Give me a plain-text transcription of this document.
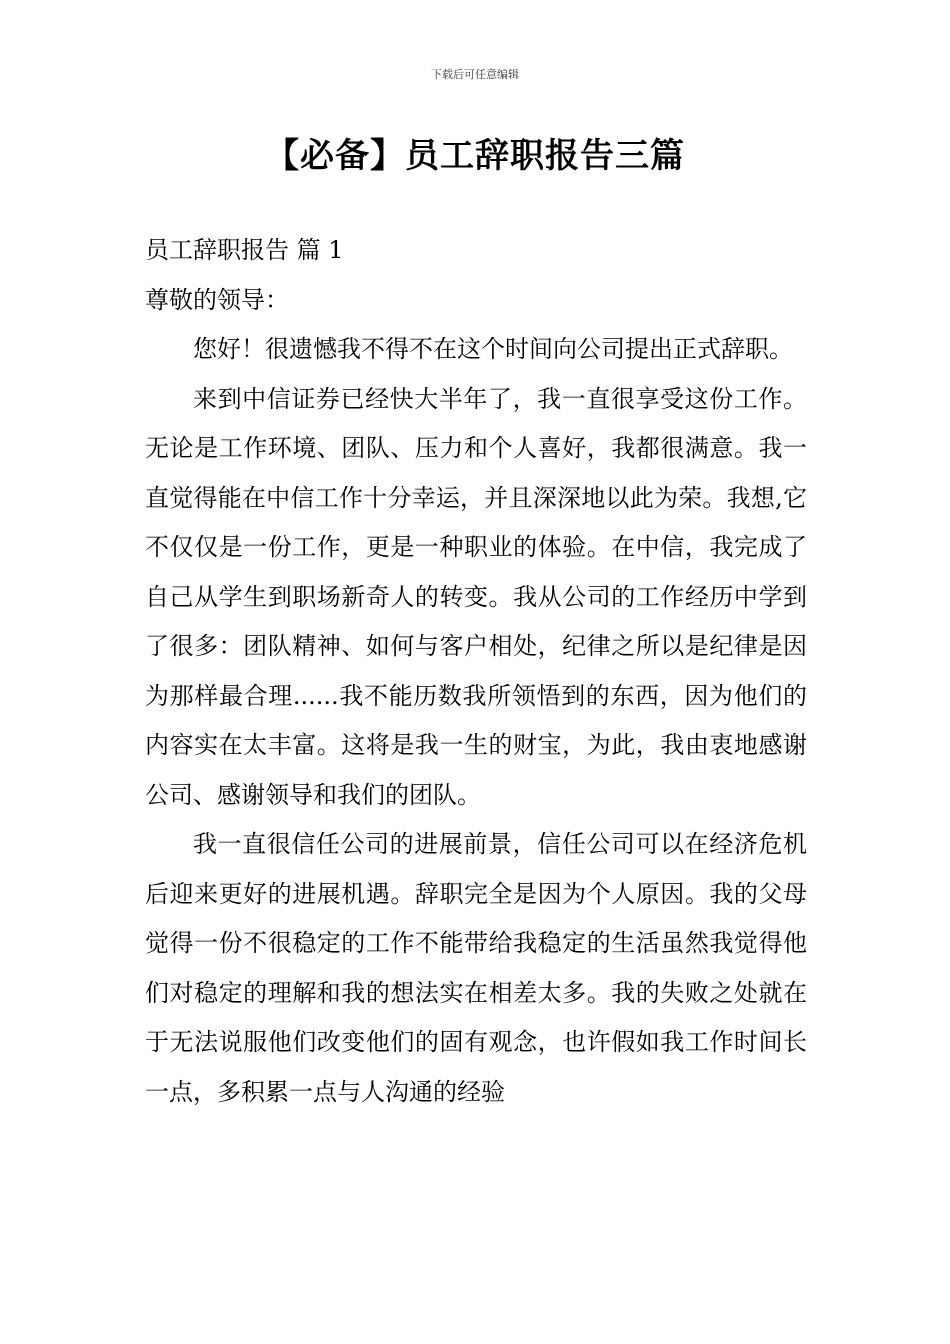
下载后可任意编辑
【必备】员工辞职报告三篇

员工辞职报告 篇 1

尊敬的领导：

您好！很遗憾我不得不在这个时间向公司提出正式辞职。

来到中信证券已经快大半年了，我一直很享受这份工作。无论是工作环境、团队、压力和个人喜好，我都很满意。我一直觉得能在中信工作十分幸运，并且深深地以此为荣。我想,它不仅仅是一份工作，更是一种职业的体验。在中信，我完成了自己从学生到职场新奇人的转变。我从公司的工作经历中学到了很多：团队精神、如何与客户相处，纪律之所以是纪律是因为那样最合理......我不能历数我所领悟到的东西，因为他们的内容实在太丰富。这将是我一生的财宝，为此，我由衷地感谢公司、感谢领导和我们的团队。

我一直很信任公司的进展前景，信任公司可以在经济危机后迎来更好的进展机遇。辞职完全是因为个人原因。我的父母觉得一份不很稳定的工作不能带给我稳定的生活虽然我觉得他们对稳定的理解和我的想法实在相差太多。我的失败之处就在于无法说服他们改变他们的固有观念，也许假如我工作时间长一点，多积累一点与人沟通的经验
